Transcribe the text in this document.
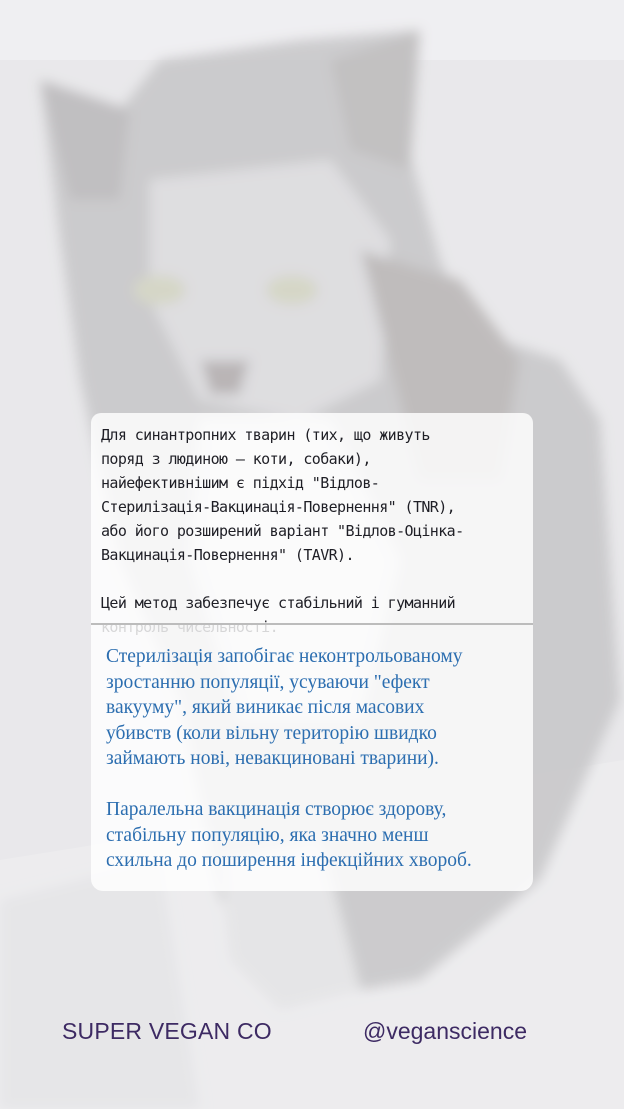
Для синантропних тварин (тих, що живуть
поряд з людиною — коти, собаки),
найефективнішим є підхід "Відлов-
Стерилізація-Вакцинація-Повернення" (TNR),
або його розширений варіант "Відлов-Оцінка-
Вакцинація-Повернення" (TAVR).
Цей метод забезпечує стабільний і гуманний
Стерилізація запобігає неконтрольованому
зростанню популяції, усуваючи "ефект
вакууму", який виникає після масових
убивств (коли вільну територію швидко
займають нові, невакциновані тварини).
Паралельна вакцинація створює здорову,
стабільну популяцію, яка значно менш
схильна до поширення інфекційних хвороб.
SUPER VEGAN CO	@veganscience
